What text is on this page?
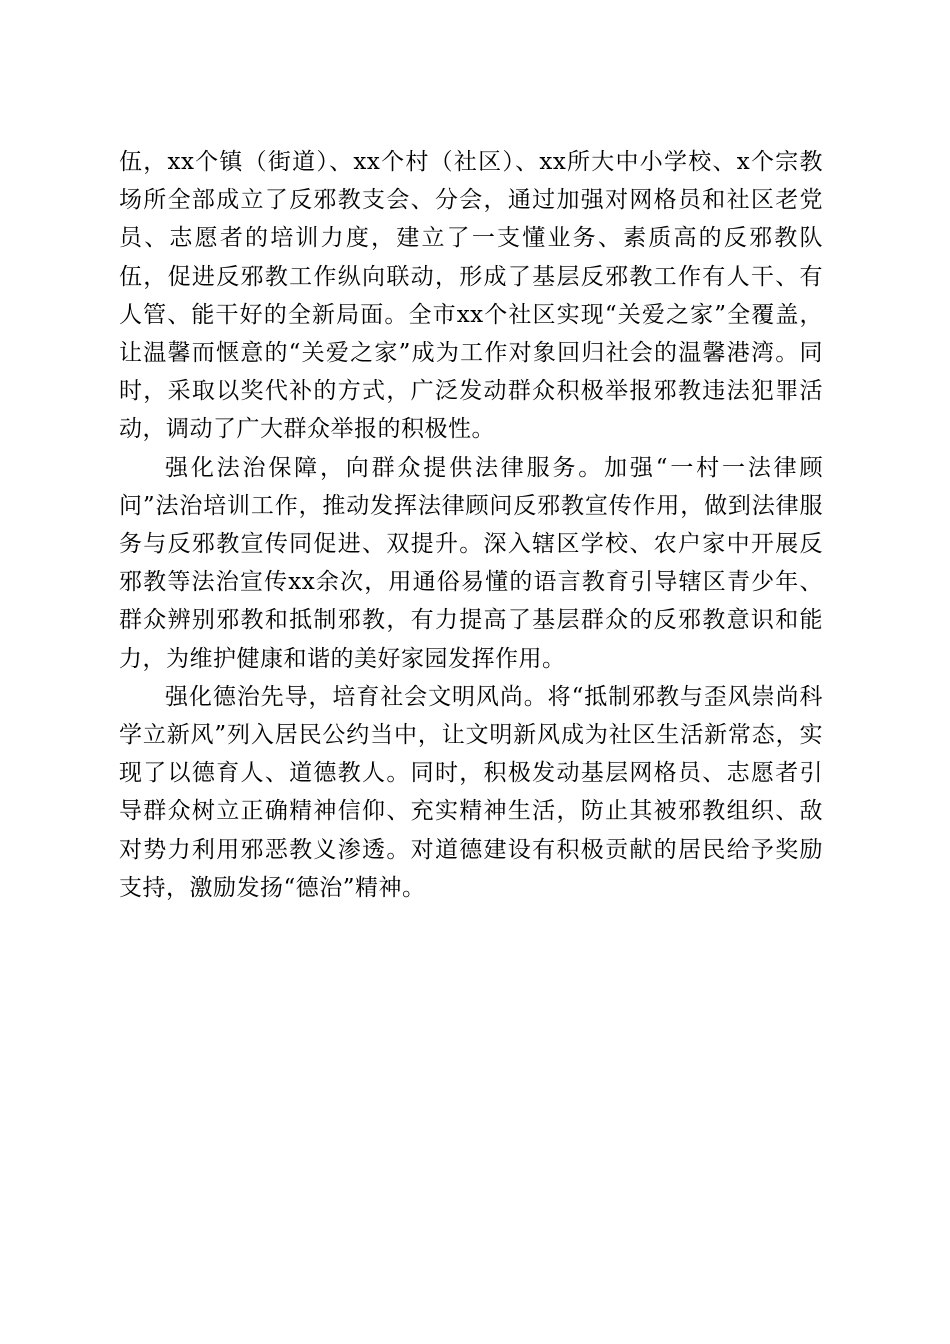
伍，xx个镇（街道）、xx个村（社区）、xx所大中小学校、x个宗教场所全部成立了反邪教支会、分会，通过加强对网格员和社区老党员、志愿者的培训力度，建立了一支懂业务、素质高的反邪教队伍，促进反邪教工作纵向联动，形成了基层反邪教工作有人干、有人管、能干好的全新局面。全市xx个社区实现“关爱之家”全覆盖，让温馨而惬意的“关爱之家”成为工作对象回归社会的温馨港湾。同时，采取以奖代补的方式，广泛发动群众积极举报邪教违法犯罪活动，调动了广大群众举报的积极性。

强化法治保障，向群众提供法律服务。加强“一村一法律顾问”法治培训工作，推动发挥法律顾问反邪教宣传作用，做到法律服务与反邪教宣传同促进、双提升。深入辖区学校、农户家中开展反邪教等法治宣传xx余次，用通俗易懂的语言教育引导辖区青少年、群众辨别邪教和抵制邪教，有力提高了基层群众的反邪教意识和能力，为维护健康和谐的美好家园发挥作用。

强化德治先导，培育社会文明风尚。将“抵制邪教与歪风崇尚科学立新风”列入居民公约当中，让文明新风成为社区生活新常态，实现了以德育人、道德教人。同时，积极发动基层网格员、志愿者引导群众树立正确精神信仰、充实精神生活，防止其被邪教组织、敌对势力利用邪恶教义渗透。对道德建设有积极贡献的居民给予奖励支持，激励发扬“德治”精神。
